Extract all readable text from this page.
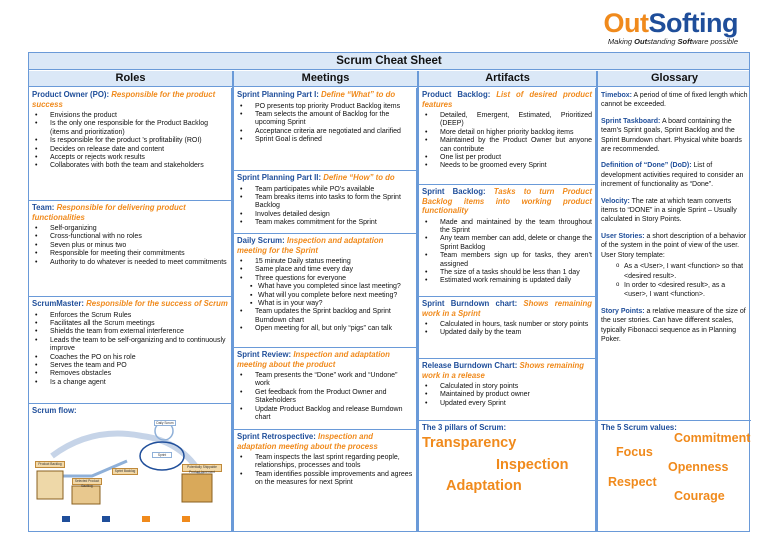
OutSofting
Making Outstanding Software possible
Scrum Cheat Sheet
Roles	Meetings	Artifacts	Glossary
Product Owner (PO): Responsible for the product success
• Envisions the product
• Is the only one responsible for the Product Backlog (items and prioritization)
• Is responsible for the product ’s profitability (ROI)
• Decides on release date and content
• Accepts or rejects work results
• Collaborates with both the team and stakeholders
Team: Responsible for delivering product functionalities
• Self-organizing
• Cross-functional with no roles
• Seven plus or minus two
• Responsible for meeting their commitments
• Authority to do whatever is needed to meet commitments
ScrumMaster: Responsible for the success of Scrum
• Enforces the Scrum Rules
• Facilitates all the Scrum meetings
• Shields the team from external interference
• Leads the team to be self-organizing and to continuously improve
• Coaches the PO on his role
• Serves the team and PO
• Removes obstacles
• Is a change agent
Scrum flow:
Product Backlog
Selected Product Backlog
Sprint Backlog
Daily Scrum
Sprint
Potentially Shippable Product Increment
Sprint Planning Part I: Define “What” to do
• PO presents top priority Product Backlog items
• Team selects the amount of Backlog for the upcoming Sprint
• Acceptance criteria are negotiated and clarified
• Sprint Goal is defined
Sprint Planning Part II: Define “How” to do
• Team participates while PO’s available
• Team breaks items into tasks to form the Sprint Backlog
• Involves detailed design
• Team makes commitment for the Sprint
Daily Scrum: Inspection and adaptation meeting for the Sprint
• 15 minute Daily status meeting
• Same place and time every day
• Three questions for everyone
▪ What have you completed since last meeting?
▪ What will you complete before next meeting?
▪ What is in your way?
• Team updates the Sprint backlog and Sprint Burndown chart
• Open meeting for all, but only “pigs” can talk
Sprint Review: Inspection and adaptation meeting about the product
• Team presents the “Done” work and “Undone” work
• Get feedback from the Product Owner and Stakeholders
• Update Product Backlog and release Burndown chart
Sprint Retrospective: Inspection and adaptation meeting about the process
• Team inspects the last sprint regarding people, relationships, processes and tools
• Team identifies possible improvements and agrees on the measures for next Sprint
Product Backlog: List of desired product features
• Detailed, Emergent, Estimated, Prioritized (DEEP)
• More detail on higher priority backlog items
• Maintained by the Product Owner but anyone can contribute
• One list per product
• Needs to be groomed every Sprint
Sprint Backlog: Tasks to turn Product Backlog items into working product functionality
• Made and maintained by the team throughout the Sprint
• Any team member can add, delete or change the Sprint Backlog
• Team members sign up for tasks, they aren’t assigned
• The size of a tasks should be less than 1 day
• Estimated work remaining is updated daily
Sprint Burndown chart: Shows remaining work in a Sprint
• Calculated in hours, task number or story points
• Updated daily by the team
Release Burndown Chart: Shows remaining work in a release
• Calculated in story points
• Maintained by product owner
• Updated every Sprint
The 3 pillars of Scrum:
Transparency
Inspection
Adaptation

Timebox: A period of time of fixed length which cannot be exceeded.

Sprint Taskboard: A board containing the team’s Sprint goals, Sprint Backlog and the Sprint Burndown chart. Physical white boards are recommended.

Definition of “Done” (DoD): List of development activities required to consider an increment of functionality as “Done”.

Velocity: The rate at which team converts items to “DONE” in a single Sprint – Usually calculated in Story Points.

User Stories: a short description of a behavior of the system in the point of view of the user.
User Story template:

o As a <User>, I want <function> so that <desired result>.
o In order to <desired result>, as a <user>, I want <function>.

Story Points: a relative measure of the size of the user stories. Can have different scales, typically Fibonacci sequence as in Planning Poker.

The 5 Scrum values:
Commitment
Focus
Openness
Respect
Courage
